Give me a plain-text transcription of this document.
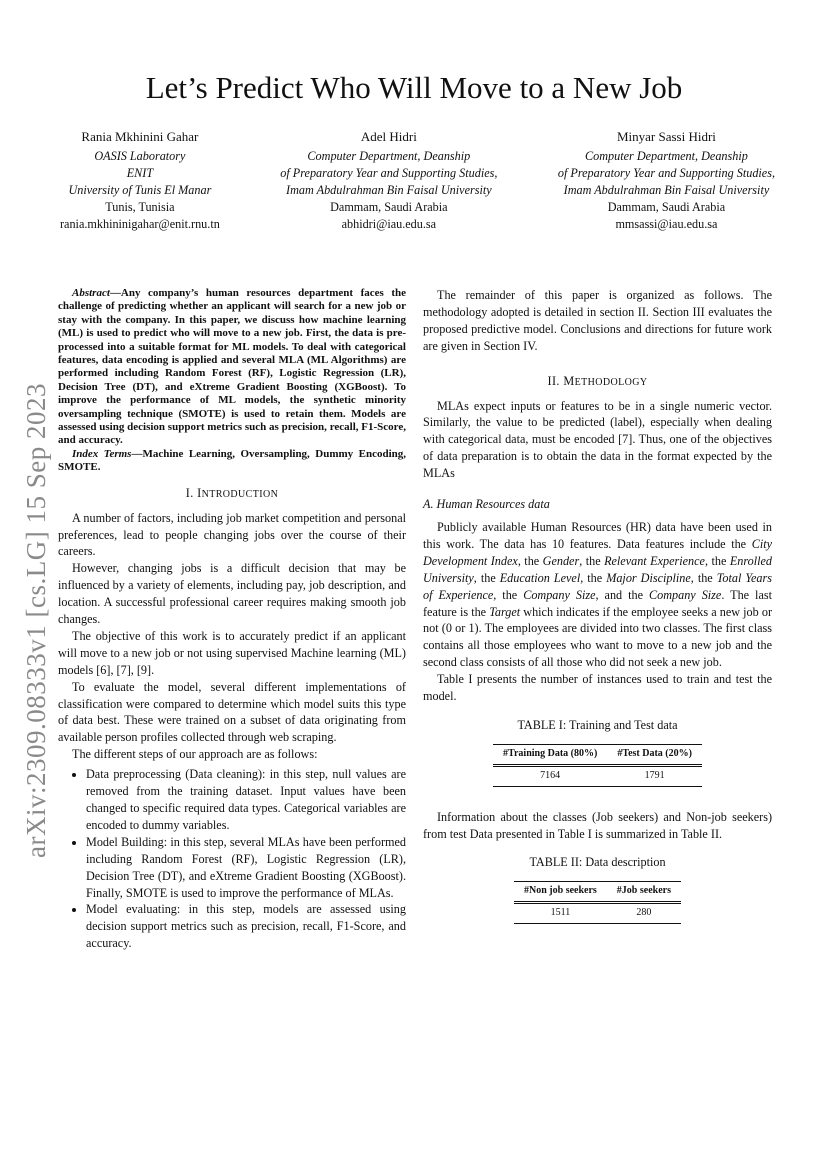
arXiv:2309.08333v1 [cs.LG] 15 Sep 2023
Let’s Predict Who Will Move to a New Job
Rania Mkhinini Gahar
OASIS Laboratory
ENIT
University of Tunis El Manar
Tunis, Tunisia
rania.mkhininigahar@enit.rnu.tn
Adel Hidri
Computer Department, Deanship
of Preparatory Year and Supporting Studies,
Imam Abdulrahman Bin Faisal University
Dammam, Saudi Arabia
abhidri@iau.edu.sa
Minyar Sassi Hidri
Computer Department, Deanship
of Preparatory Year and Supporting Studies,
Imam Abdulrahman Bin Faisal University
Dammam, Saudi Arabia
mmsassi@iau.edu.sa

Abstract—Any company’s human resources department faces the challenge of predicting whether an applicant will search for a new job or stay with the company. In this paper, we discuss how machine learning (ML) is used to predict who will move to a new job. First, the data is pre-processed into a suitable format for ML models. To deal with categorical features, data encoding is applied and several MLA (ML Algorithms) are performed including Random Forest (RF), Logistic Regression (LR), Decision Tree (DT), and eXtreme Gradient Boosting (XGBoost). To improve the performance of ML models, the synthetic minority oversampling technique (SMOTE) is used to retain them. Models are assessed using decision support metrics such as precision, recall, F1-Score, and accuracy.

Index Terms—Machine Learning, Oversampling, Dummy Encoding, SMOTE.

I. INTRODUCTION

A number of factors, including job market competition and personal preferences, lead to people changing jobs over the course of their careers.

However, changing jobs is a difficult decision that may be influenced by a variety of elements, including pay, job description, and location. A successful professional career requires making smooth job changes.

The objective of this work is to accurately predict if an applicant will move to a new job or not using supervised Machine learning (ML) models [6], [7], [9].

To evaluate the model, several different implementations of classification were compared to determine which model suits this type of data best. These were trained on a subset of data originating from available person profiles collected through web scraping.

The different steps of our approach are as follows:

• Data preprocessing (Data cleaning): in this step, null values are removed from the training dataset. Input values have been changed to specific required data types. Categorical variables are encoded to dummy variables.
• Model Building: in this step, several MLAs have been performed including Random Forest (RF), Logistic Regression (LR), Decision Tree (DT), and eXtreme Gradient Boosting (XGBoost). Finally, SMOTE is used to improve the performance of MLAs.
• Model evaluating: in this step, models are assessed using decision support metrics such as precision, recall, F1-Score, and accuracy.

The remainder of this paper is organized as follows. The methodology adopted is detailed in section II. Section III evaluates the proposed predictive model. Conclusions and directions for future work are given in Section IV.

II. METHODOLOGY

MLAs expect inputs or features to be in a single numeric vector. Similarly, the value to be predicted (label), especially when dealing with categorical data, must be encoded [7]. Thus, one of the objectives of data preparation is to obtain the data in the format expected by the MLAs

A. Human Resources data

Publicly available Human Resources (HR) data have been used in this work. The data has 10 features. Data features include the City Development Index, the Gender, the Relevant Experience, the Enrolled University, the Education Level, the Major Discipline, the Total Years of Experience, the Company Size, and the Company Size. The last feature is the Target which indicates if the employee seeks a new job or not (0 or 1). The employees are divided into two classes. The first class contains all those employees who want to move to a new job and the second class consists of all those who did not seek a new job.

Table I presents the number of instances used to train and test the model.

TABLE I: Training and Test data
#Training Data (80%)	#Test Data (20%)
7164	1791

Information about the classes (Job seekers) and Non-job seekers) from test Data presented in Table I is summarized in Table II.

TABLE II: Data description
#Non job seekers	#Job seekers
1511	280
